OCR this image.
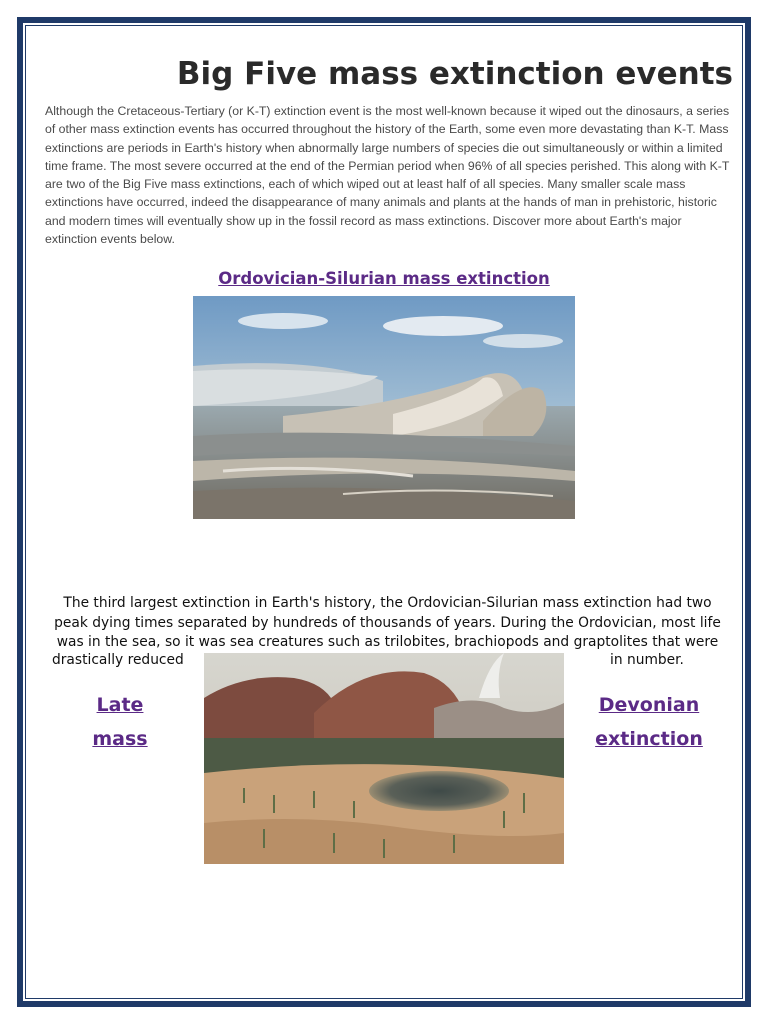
Big Five mass extinction events

Although the Cretaceous-Tertiary (or K-T) extinction event is the most well-known because it wiped out the dinosaurs, a series of other mass extinction events has occurred throughout the history of the Earth, some even more devastating than K-T. Mass extinctions are periods in Earth's history when abnormally large numbers of species die out simultaneously or within a limited time frame. The most severe occurred at the end of the Permian period when 96% of all species perished. This along with K-T are two of the Big Five mass extinctions, each of which wiped out at least half of all species. Many smaller scale mass extinctions have occurred, indeed the disappearance of many animals and plants at the hands of man in prehistoric, historic and modern times will eventually show up in the fossil record as mass extinctions. Discover more about Earth's major extinction events below.

Ordovician-Silurian mass extinction

The third largest extinction in Earth's history, the Ordovician-Silurian mass extinction had two peak dying times separated by hundreds of thousands of years. During the Ordovician, most life was in the sea, so it was sea creatures such as trilobites, brachiopods and graptolites that were

drastically reduced	in number.
Late
mass
Devonian
extinction
